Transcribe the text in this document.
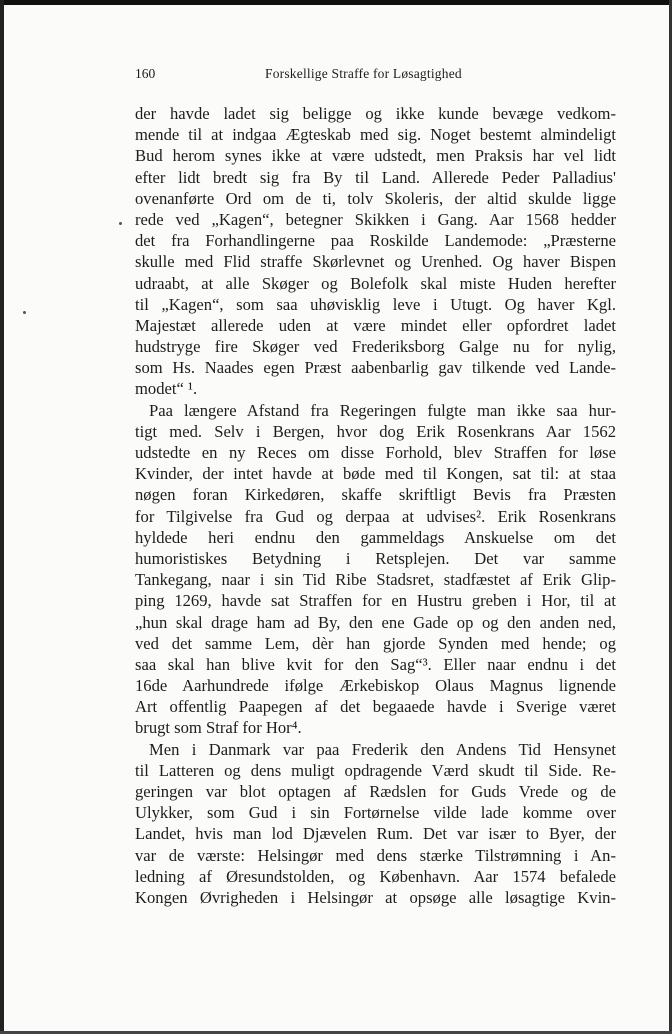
160	Forskellige Straffe for Løsagtighed
der havde ladet sig beligge og ikke kunde bevæge vedkom-
mende til at indgaa Ægteskab med sig. Noget bestemt almindeligt
Bud herom synes ikke at være udstedt, men Praksis har vel lidt
efter lidt bredt sig fra By til Land. Allerede Peder Palladius'
ovenanførte Ord om de ti, tolv Skoleris, der altid skulde ligge
rede ved „Kagen“, betegner Skikken i Gang. Aar 1568 hedder
det fra Forhandlingerne paa Roskilde Landemode: „Præsterne
skulle med Flid straffe Skørlevnet og Urenhed. Og haver Bispen
udraabt, at alle Skøger og Bolefolk skal miste Huden herefter
til „Kagen“, som saa uhøvisklig leve i Utugt. Og haver Kgl.
Majestæt allerede uden at være mindet eller opfordret ladet
hudstryge fire Skøger ved Frederiksborg Galge nu for nylig,
som Hs. Naades egen Præst aabenbarlig gav tilkende ved Lande-
modet“ ¹.
Paa længere Afstand fra Regeringen fulgte man ikke saa hur-
tigt med. Selv i Bergen, hvor dog Erik Rosenkrans Aar 1562
udstedte en ny Reces om disse Forhold, blev Straffen for løse
Kvinder, der intet havde at bøde med til Kongen, sat til: at staa
nøgen foran Kirkedøren, skaffe skriftligt Bevis fra Præsten
for Tilgivelse fra Gud og derpaa at udvises². Erik Rosenkrans
hyldede heri endnu den gammeldags Anskuelse om det
humoristiskes Betydning i Retsplejen. Det var samme
Tankegang, naar i sin Tid Ribe Stadsret, stadfæstet af Erik Glip-
ping 1269, havde sat Straffen for en Hustru greben i Hor, til at
„hun skal drage ham ad By, den ene Gade op og den anden ned,
ved det samme Lem, dèr han gjorde Synden med hende; og
saa skal han blive kvit for den Sag“³. Eller naar endnu i det
16de Aarhundrede ifølge Ærkebiskop Olaus Magnus lignende
Art offentlig Paapegen af det begaaede havde i Sverige været
brugt som Straf for Hor⁴.
Men i Danmark var paa Frederik den Andens Tid Hensynet
til Latteren og dens muligt opdragende Værd skudt til Side. Re-
geringen var blot optagen af Rædslen for Guds Vrede og de
Ulykker, som Gud i sin Fortørnelse vilde lade komme over
Landet, hvis man lod Djævelen Rum. Det var især to Byer, der
var de værste: Helsingør med dens stærke Tilstrømning i An-
ledning af Øresundstolden, og København. Aar 1574 befalede
Kongen Øvrigheden i Helsingør at opsøge alle løsagtige Kvin-
